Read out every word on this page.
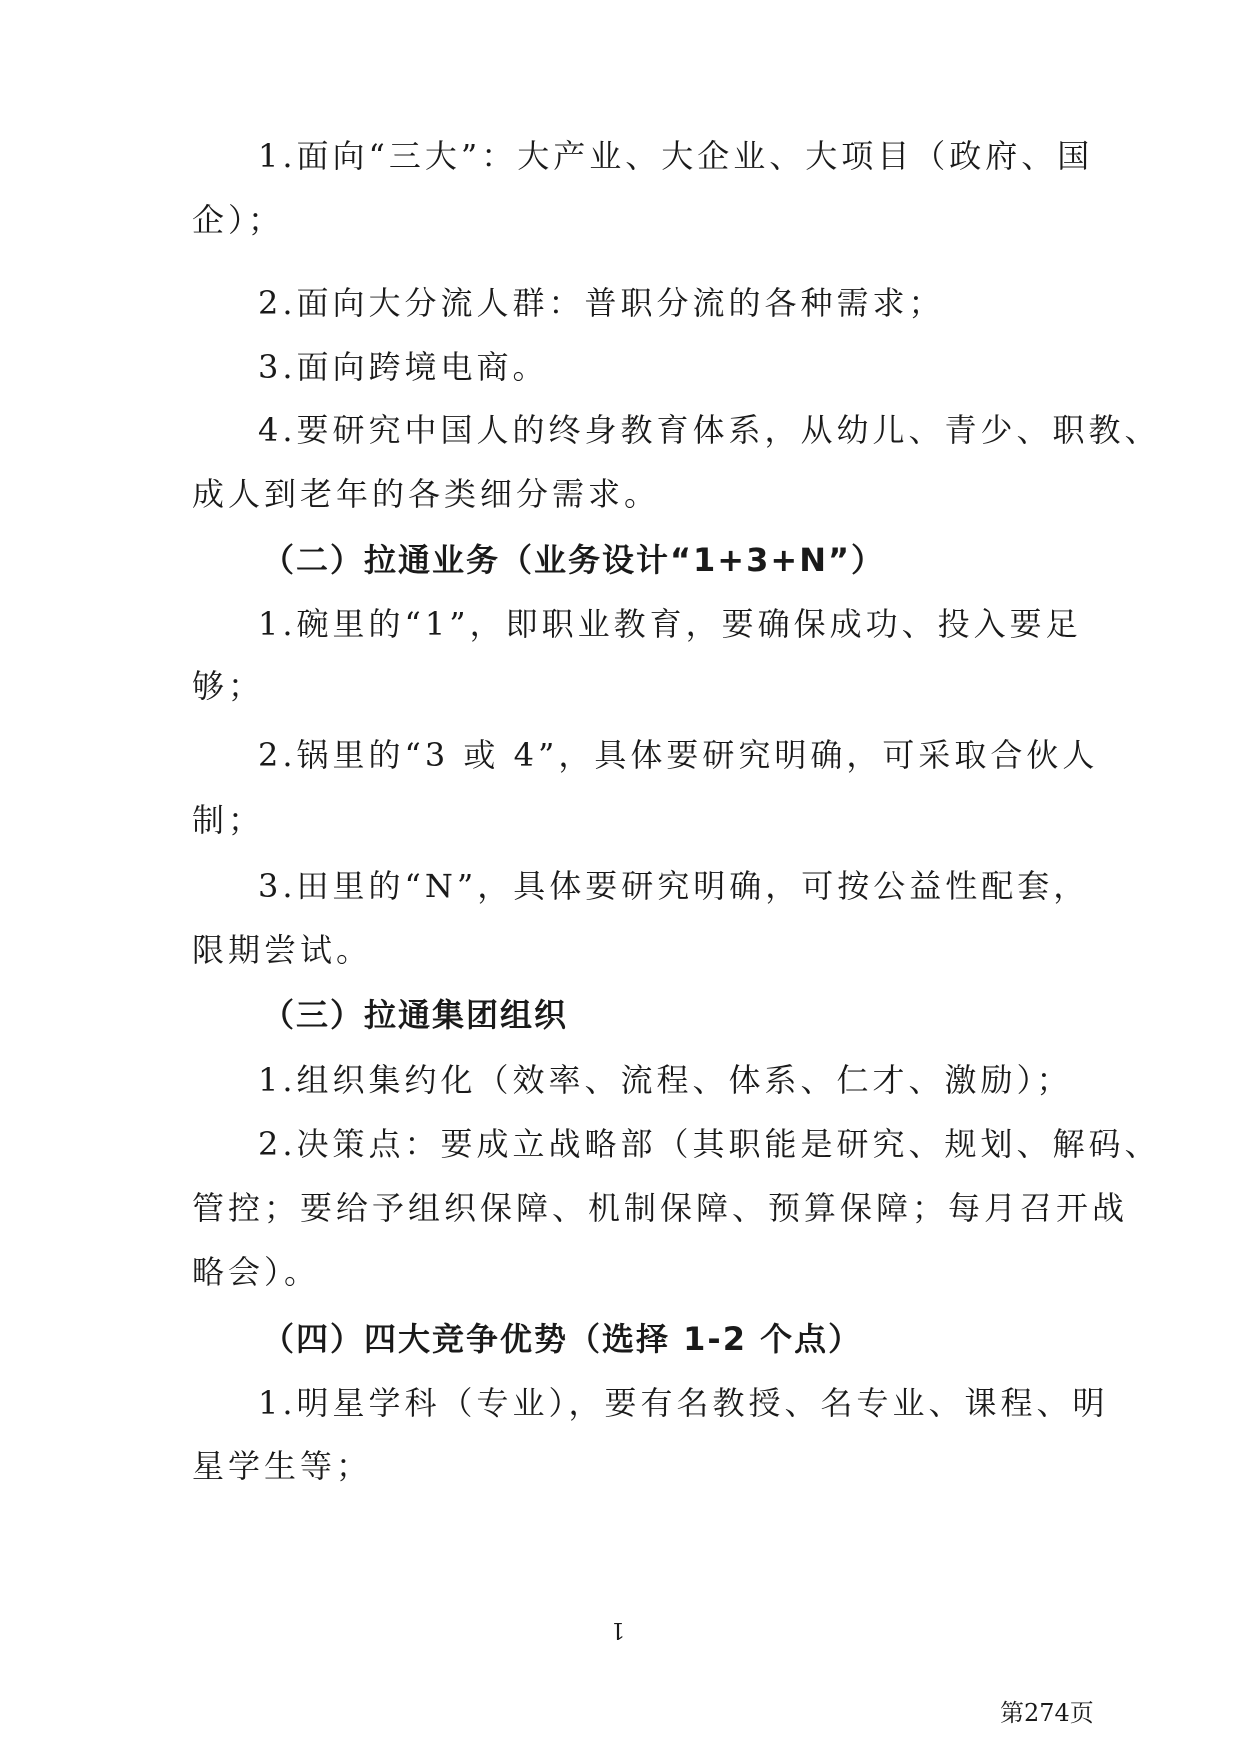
1.面向“三大”：大产业、大企业、大项目（政府、国
企）；
2.面向大分流人群：普职分流的各种需求；
3.面向跨境电商。
4.要研究中国人的终身教育体系，从幼儿、青少、职教、
成人到老年的各类细分需求。
（二）拉通业务（业务设计“1+3+N”）
1.碗里的“1”，即职业教育，要确保成功、投入要足
够；
2.锅里的“3 或 4”，具体要研究明确，可采取合伙人
制；
3.田里的“N”，具体要研究明确，可按公益性配套，
限期尝试。
（三）拉通集团组织
1.组织集约化（效率、流程、体系、仁才、激励）；
2.决策点：要成立战略部（其职能是研究、规划、解码、
管控；要给予组织保障、机制保障、预算保障；每月召开战
略会）。
（四）四大竞争优势（选择 1-2 个点）
1.明星学科（专业），要有名教授、名专业、课程、明
星学生等；
1
第274页
